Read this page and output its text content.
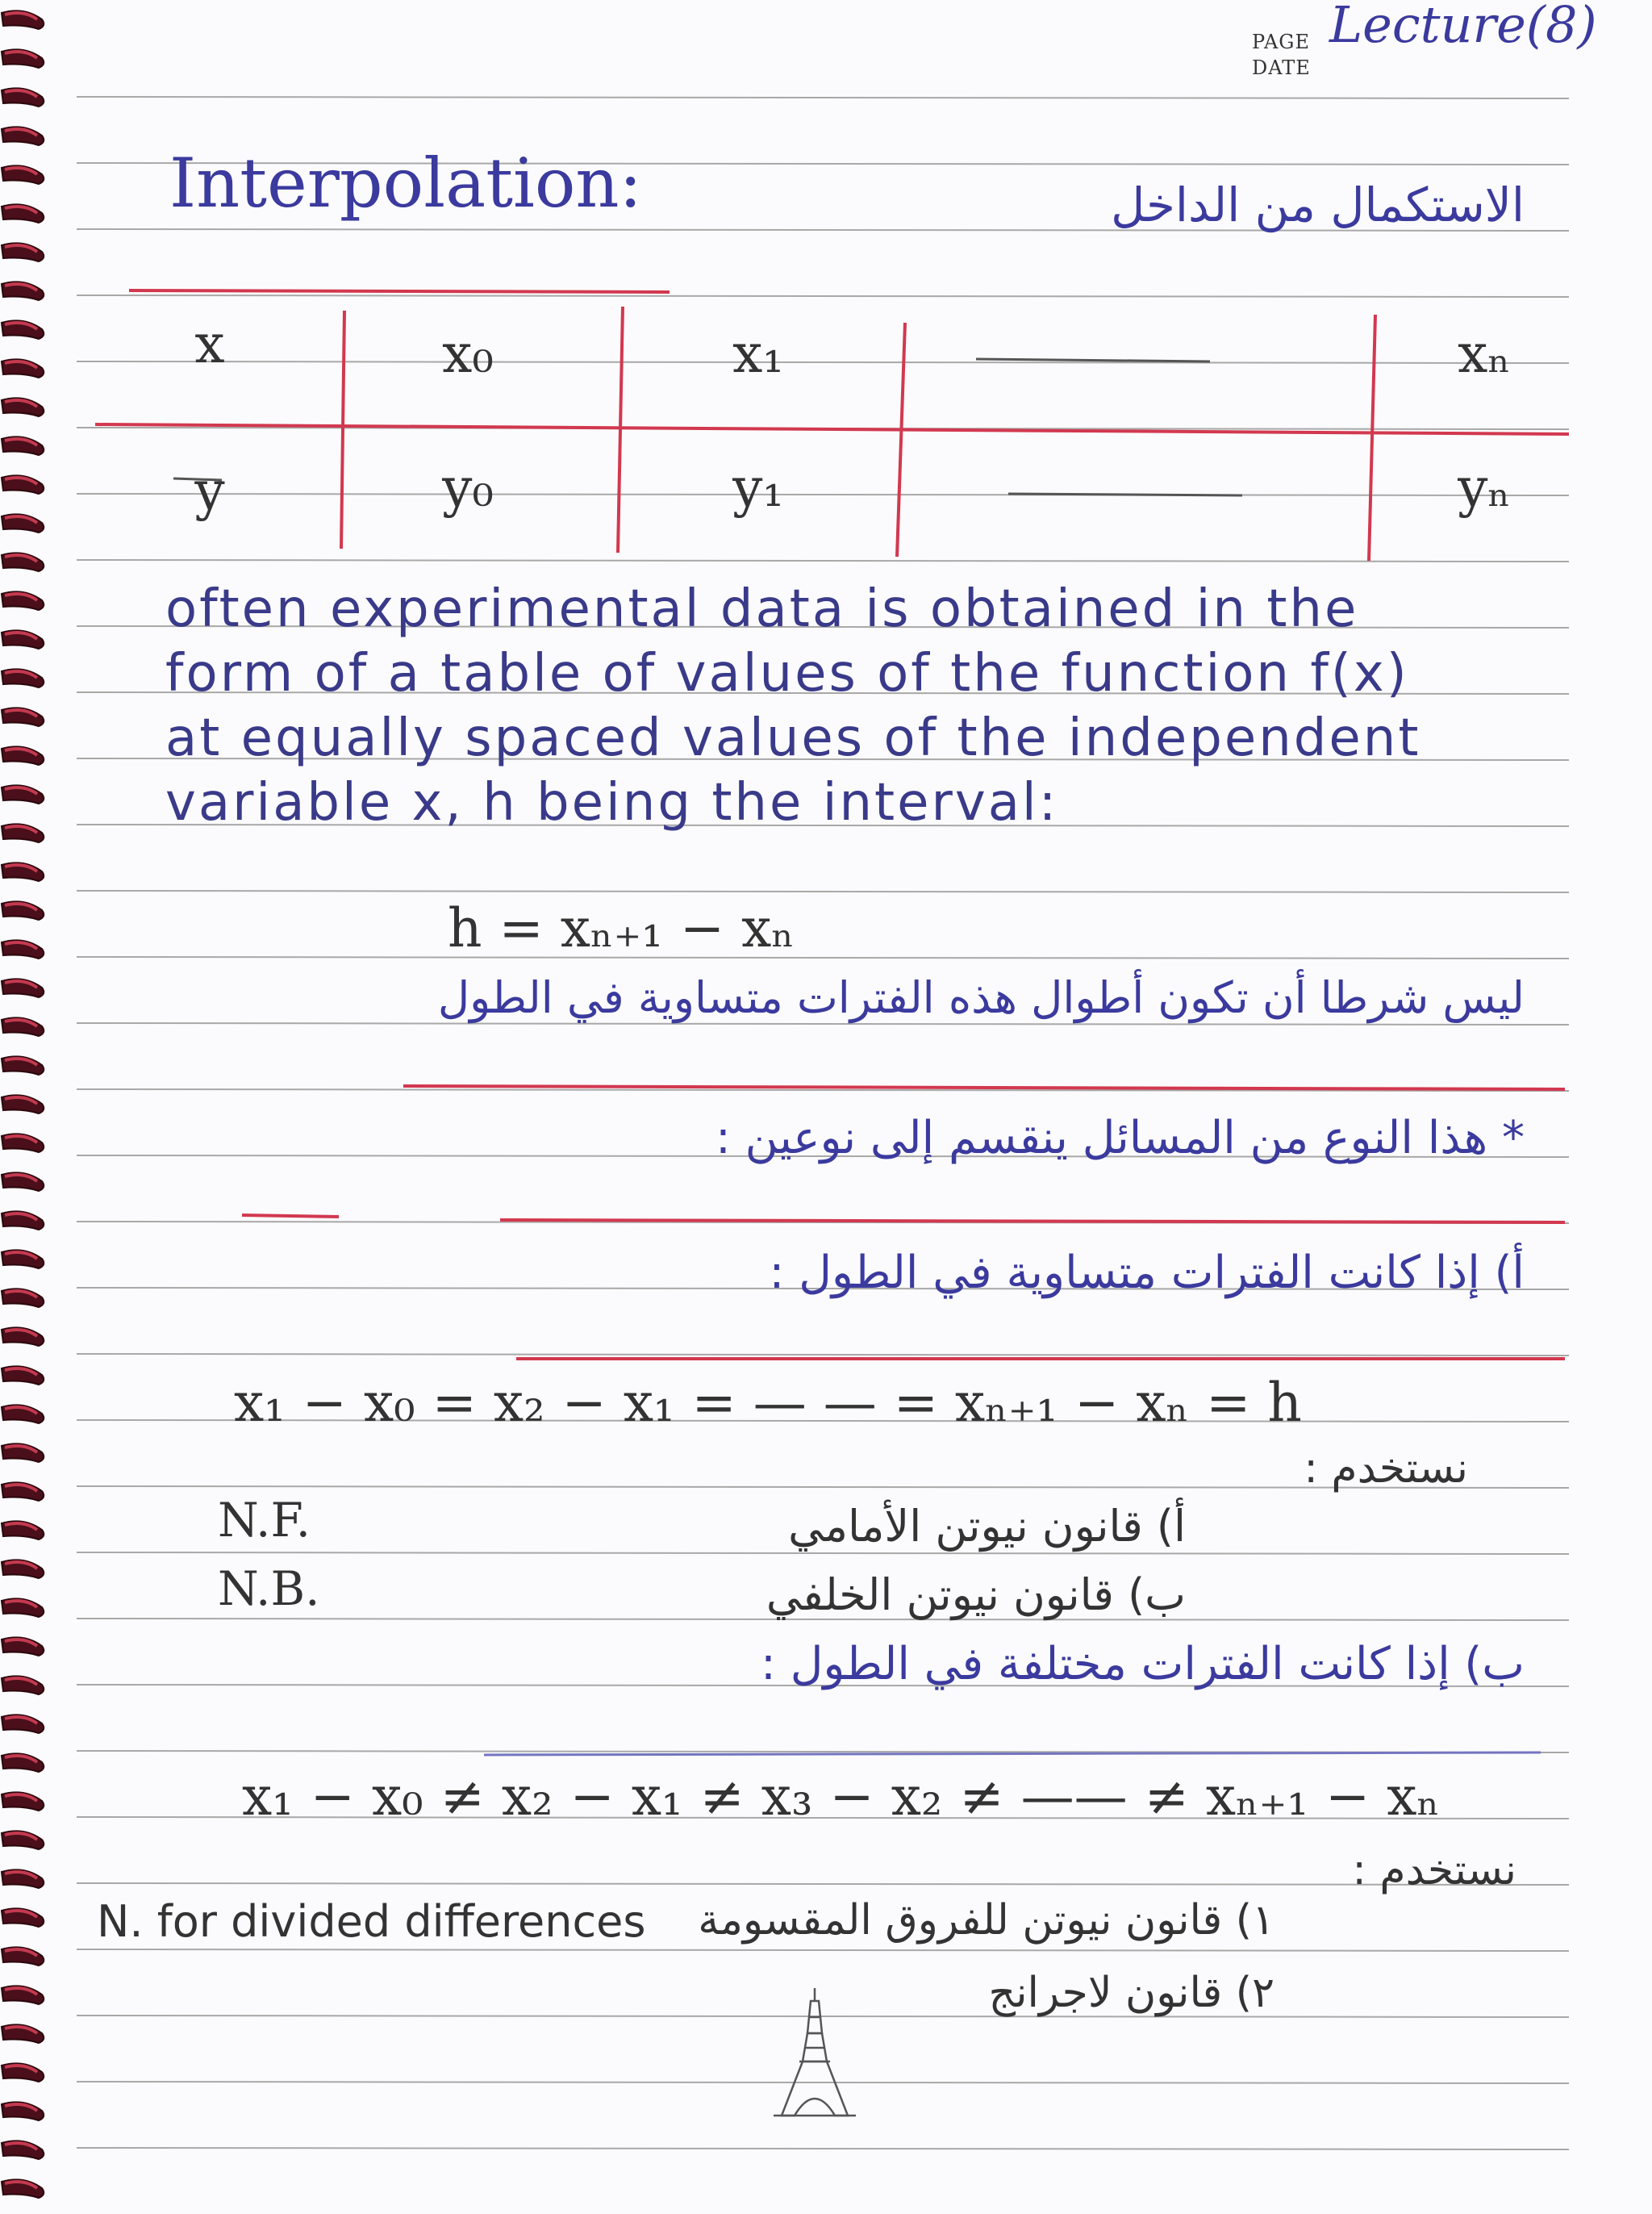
PAGE
DATE
Lecture(8)
Interpolation:	الاستكمال من الداخل
x	x₀	x₁	xₙ
y	y₀	y₁	yₙ
often experimental data is obtained in the
form of a table of values of the function f(x)
at equally spaced values of the independent
variable x, h being the interval:
h = xₙ₊₁ − xₙ
ليس شرطا أن تكون أطوال هذه الفترات متساوية في الطول
* هذا النوع من المسائل ينقسم إلى نوعين :
أ) إذا كانت الفترات متساوية في الطول :
x₁ − x₀ = x₂ − x₁ = — — = xₙ₊₁ − xₙ = h
نستخدم :
N.F.	أ) قانون نيوتن الأمامي
N.B.	ب) قانون نيوتن الخلفي
ب) إذا كانت الفترات مختلفة في الطول :
x₁ − x₀ ≠ x₂ − x₁ ≠ x₃ − x₂ ≠ —— ≠ xₙ₊₁ − xₙ
نستخدم :
N. for divided differences	١) قانون نيوتن للفروق المقسومة
٢) قانون لاجرانج
